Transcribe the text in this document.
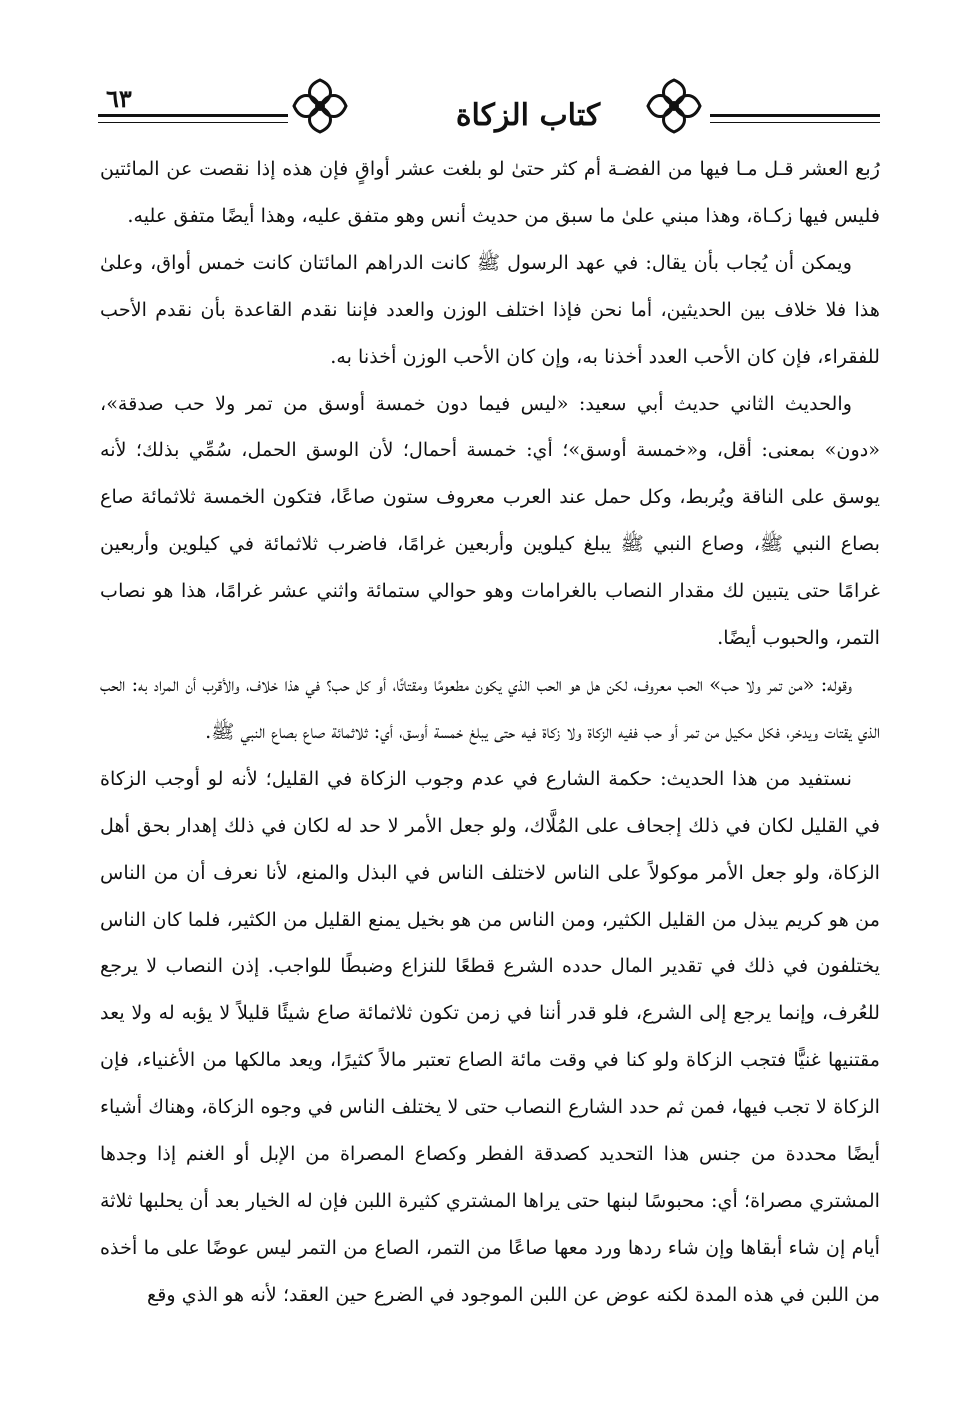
٦٣	كتاب الزكاة

رُبع العشر قـل مـا فيها من الفضـة أم كثر حتىٰ لو بلغت عشر أواقٍ فإن هذه إذا نقصت عن المائتين فليس فيها زكـاة، وهذا مبني علىٰ ما سبق من حديث أنس وهو متفق عليه، وهذا أيضًا متفق عليه.

ويمكن أن يُجاب بأن يقال: في عهد الرسول ﷺ كانت الدراهم المائتان كانت خمس أواق، وعلىٰ هذا فلا خلاف بين الحديثين، أما نحن فإذا اختلف الوزن والعدد فإننا نقدم القاعدة بأن نقدم الأحب للفقراء، فإن كان الأحب العدد أخذنا به، وإن كان الأحب الوزن أخذنا به.

والحديث الثاني حديث أبي سعيد: «ليس فيما دون خمسة أوسق من تمر ولا حب صدقة»، «دون» بمعنى: أقل، و«خمسة أوسق»؛ أي: خمسة أحمال؛ لأن الوسق الحمل، سُمِّي بذلك؛ لأنه يوسق على الناقة ويُربط، وكل حمل عند العرب معروف ستون صاعًا، فتكون الخمسة ثلاثمائة صاع بصاع النبي ﷺ، وصاع النبي ﷺ يبلغ كيلوين وأربعين غرامًا، فاضرب ثلاثمائة في كيلوين وأربعين غرامًا حتى يتبين لك مقدار النصاب بالغرامات وهو حوالي ستمائة واثني عشر غرامًا، هذا هو نصاب التمر، والحبوب أيضًا.

وقوله: «من تمر ولا حب» الحب معروف، لكن هل هو الحب الذي يكون مطعومًا ومقتاتًا، أو كل حب؟ في هذا خلاف، والأقرب أن المراد به: الحب الذي يقتات ويدخر، فكل مكيل من تمر أو حب ففيه الزكاة ولا زكاة فيه حتى يبلغ خمسة أوسق، أي: ثلاثمائة صاع بصاع النبي ﷺ.

نستفيد من هذا الحديث: حكمة الشارع في عدم وجوب الزكاة في القليل؛ لأنه لو أوجب الزكاة في القليل لكان في ذلك إجحاف على المُلَّاك، ولو جعل الأمر لا حد له لكان في ذلك إهدار بحق أهل الزكاة، ولو جعل الأمر موكولاً على الناس لاختلف الناس في البذل والمنع، لأنا نعرف أن من الناس من هو كريم يبذل من القليل الكثير، ومن الناس من هو بخيل يمنع القليل من الكثير، فلما كان الناس يختلفون في ذلك في تقدير المال حدده الشرع قطعًا للنزاع وضبطًا للواجب. إذن النصاب لا يرجع للعُرف، وإنما يرجع إلى الشرع، فلو قدر أننا في زمن تكون ثلاثمائة صاع شيئًا قليلاً لا يؤبه له ولا يعد مقتنيها غنيًّا فتجب الزكاة ولو كنا في وقت مائة الصاع تعتبر مالاً كثيرًا، ويعد مالكها من الأغنياء، فإن الزكاة لا تجب فيها، فمن ثم حدد الشارع النصاب حتى لا يختلف الناس في وجوه الزكاة، وهناك أشياء أيضًا محددة من جنس هذا التحديد كصدقة الفطر وكصاع المصراة من الإبل أو الغنم إذا وجدها المشتري مصراة؛ أي: محبوسًا لبنها حتى يراها المشتري كثيرة اللبن فإن له الخيار بعد أن يحلبها ثلاثة أيام إن شاء أبقاها وإن شاء ردها ورد معها صاعًا من التمر، الصاع من التمر ليس عوضًا على ما أخذه من اللبن في هذه المدة لكنه عوض عن اللبن الموجود في الضرع حين العقد؛ لأنه هو الذي وقع
